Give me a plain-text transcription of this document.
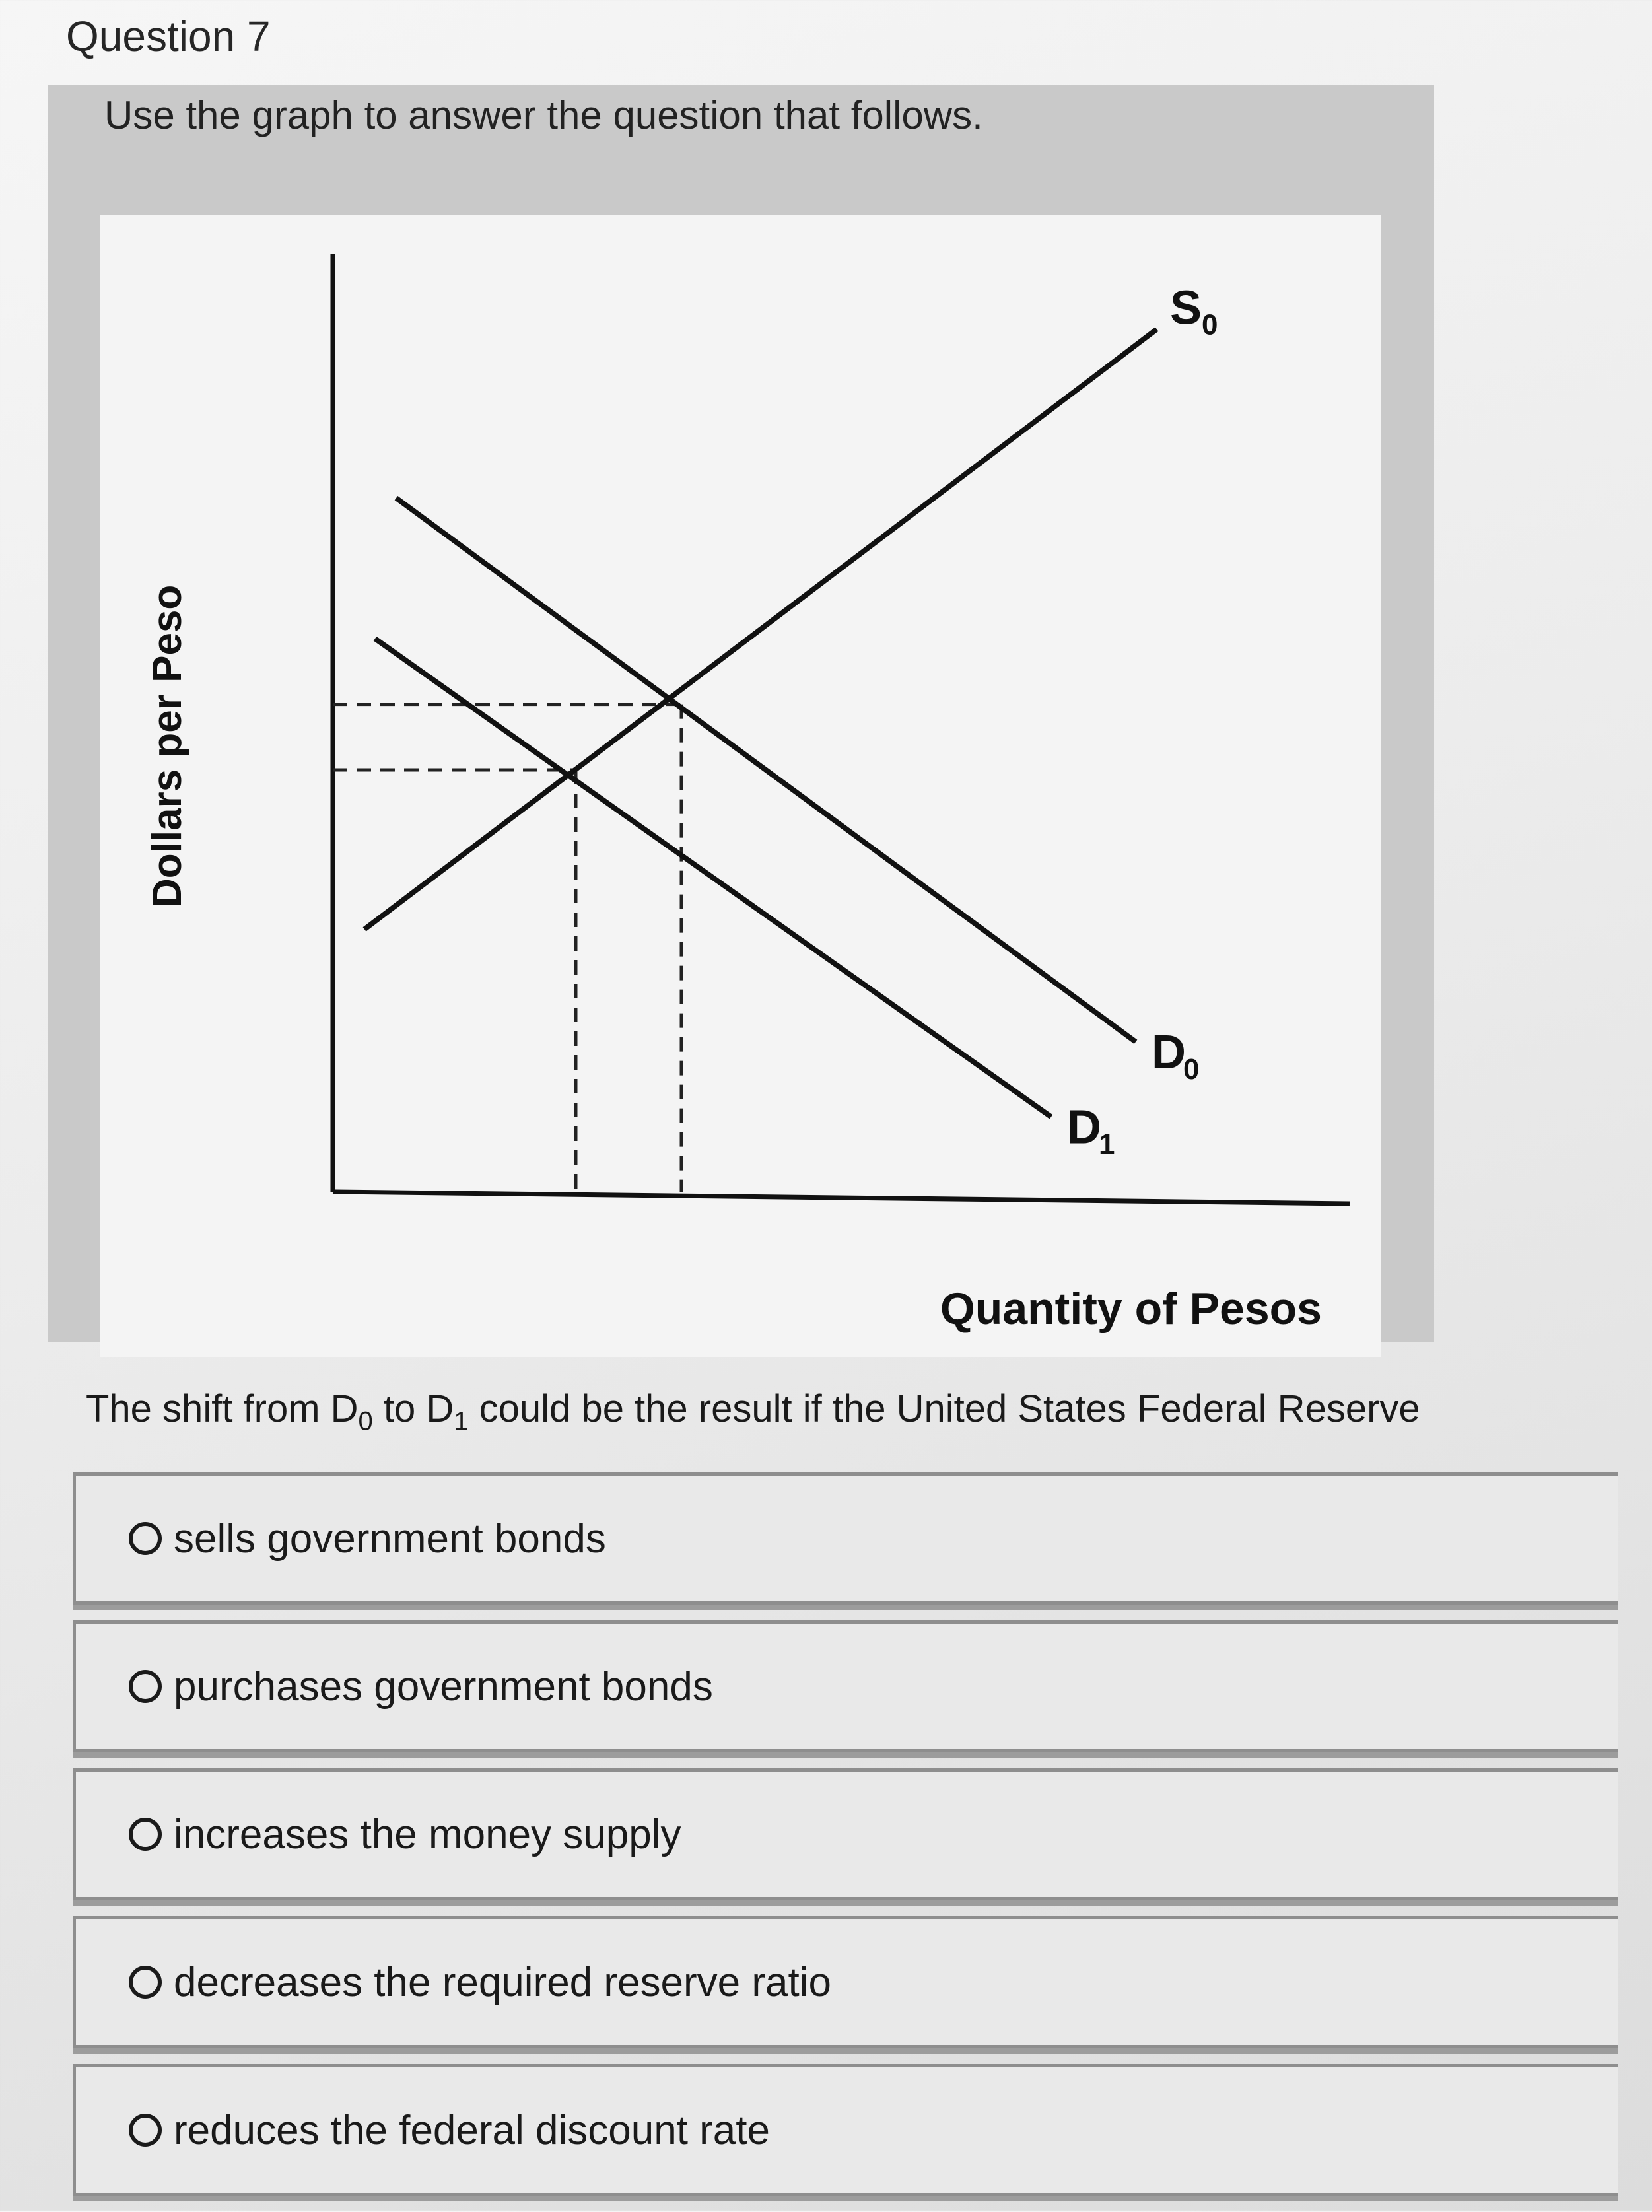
Question 7
Use the graph to answer the question that follows.
Dollars per Peso
Quantity of Pesos
S 0
D
0
D
1
The shift from $D_0$ to $D_1$ could be the result if the United States Federal Reserve
sells government bonds
purchases government bonds
increases the money supply
decreases the required reserve ratio
reduces the federal discount rate
